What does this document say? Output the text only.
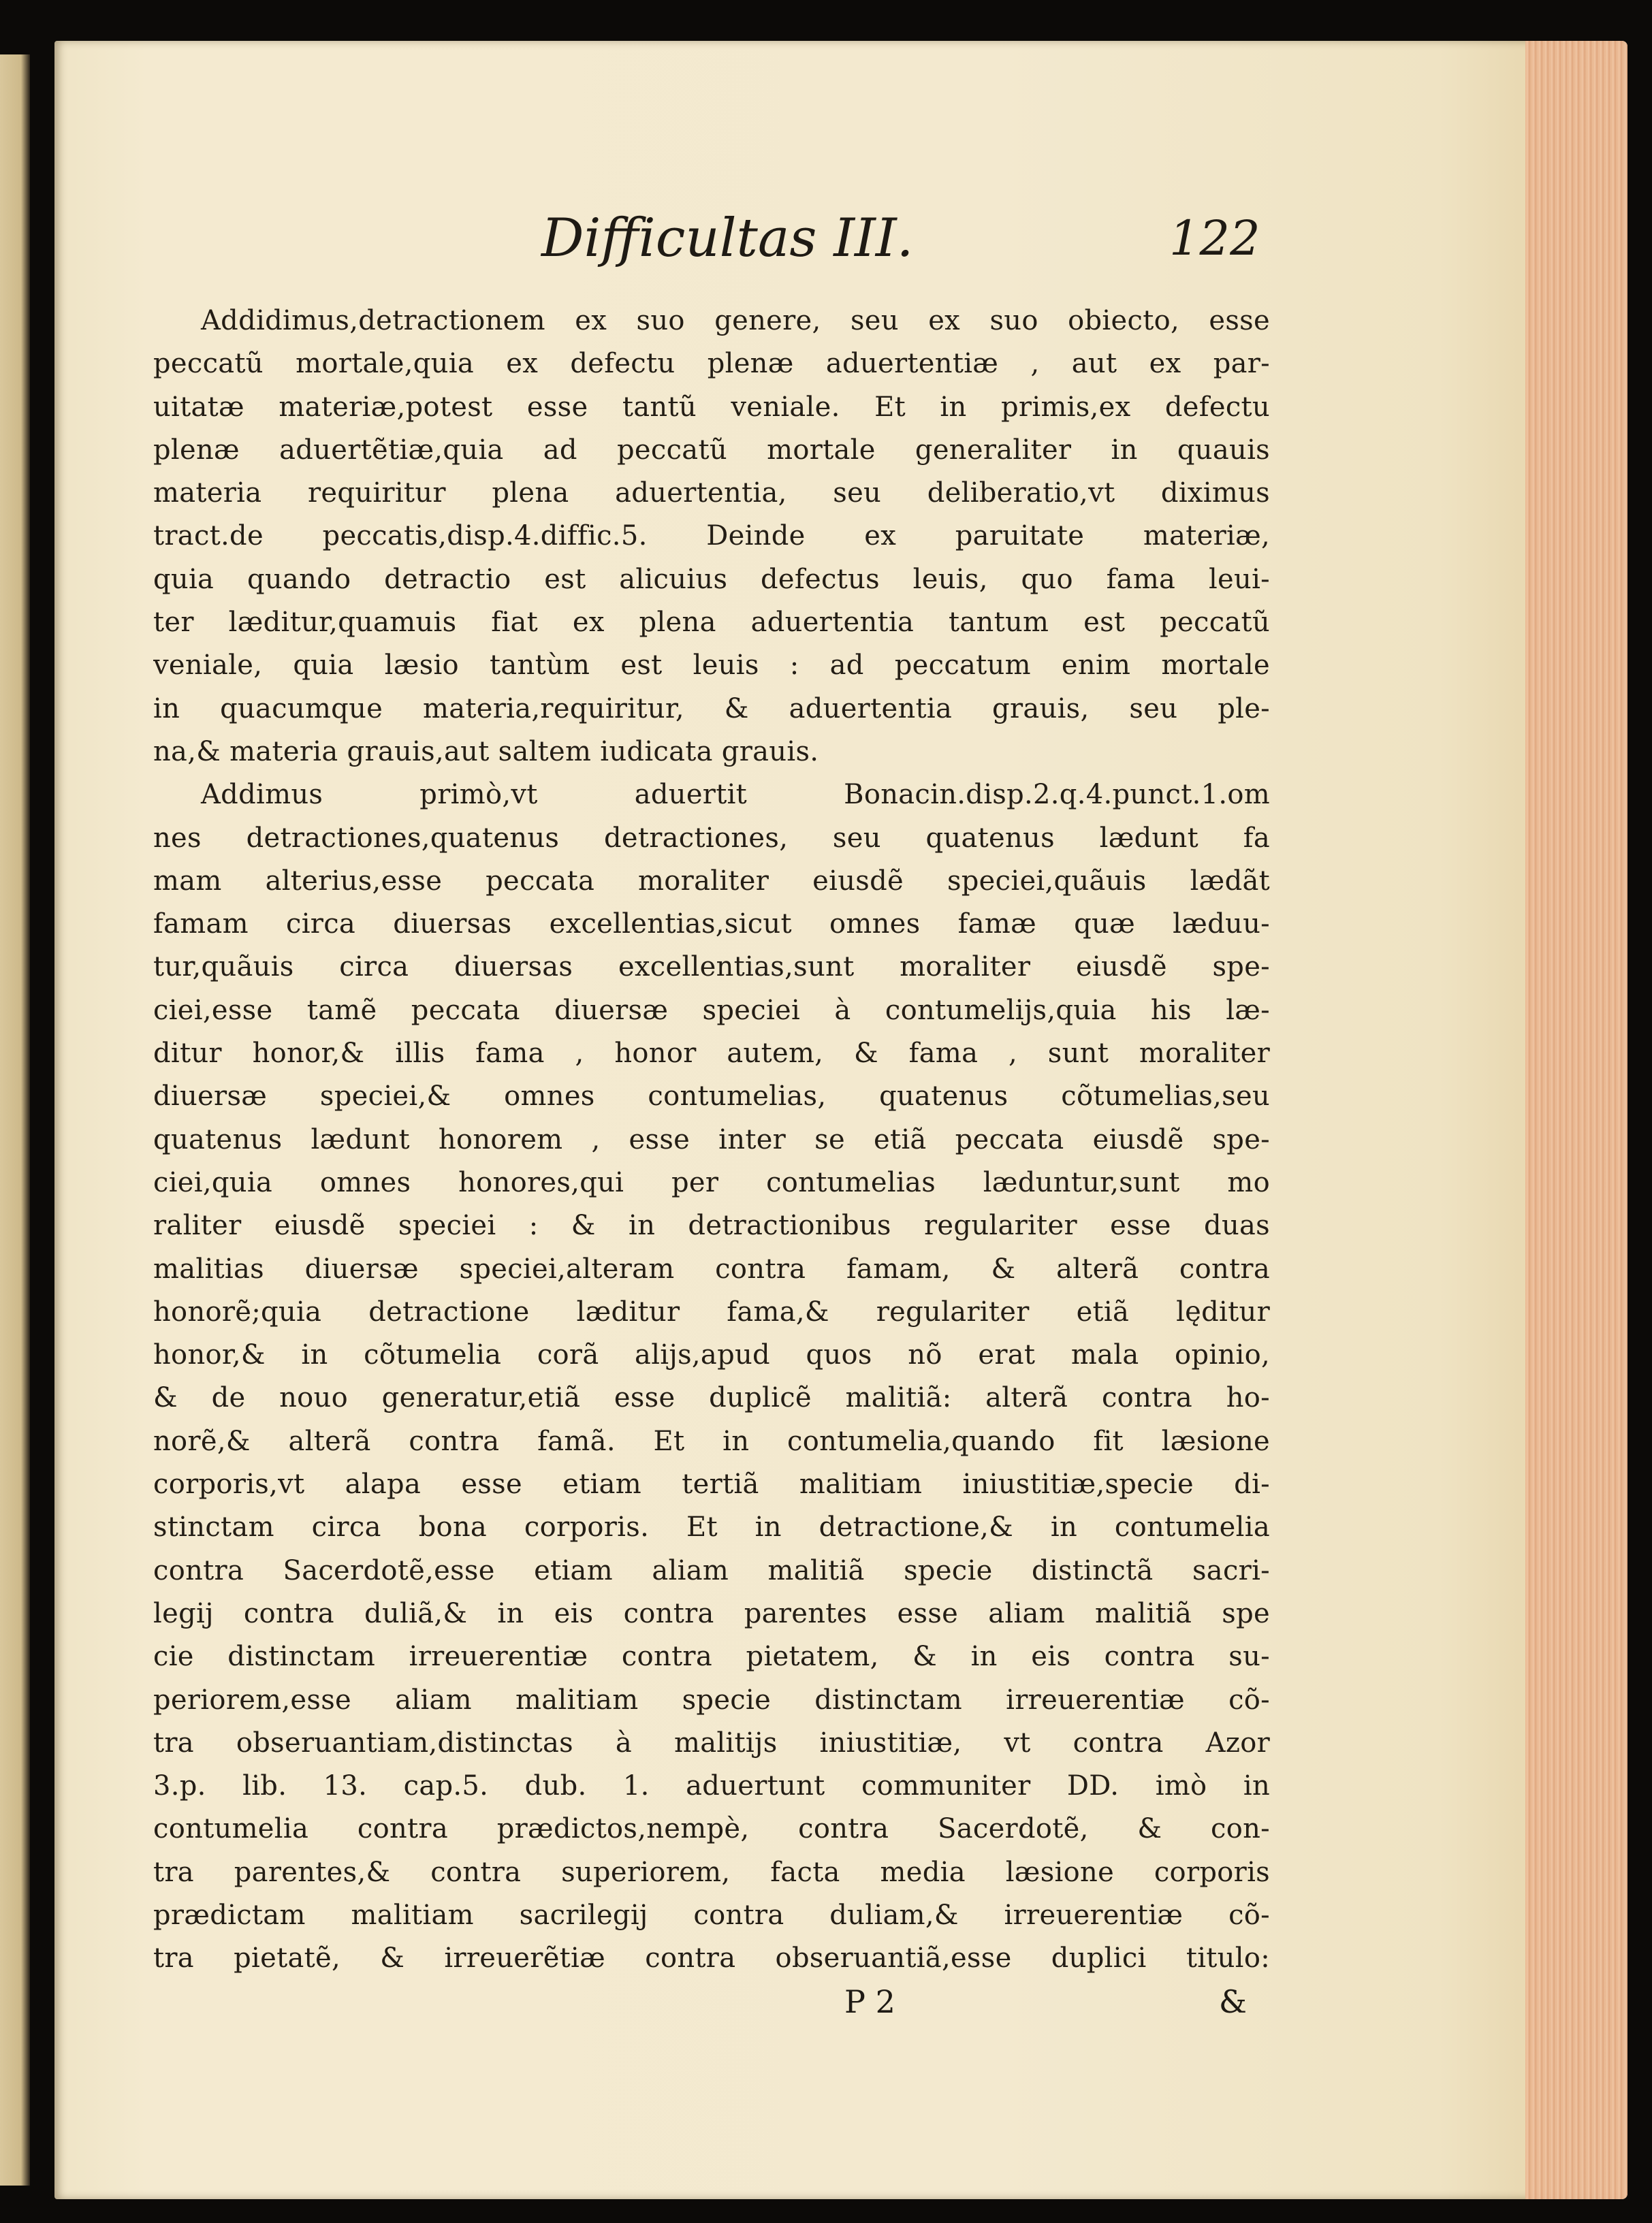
Difficultas III.	122
Addidimus,detractionem ex suo genere, seu ex suo obiecto, esse
peccatũ mortale,quia ex defectu plenæ aduertentiæ , aut ex par-
uitatæ materiæ,potest esse tantũ veniale. Et in primis,ex defectu
plenæ aduertẽtiæ,quia ad peccatũ mortale generaliter in quauis
materia requiritur plena aduertentia, seu deliberatio,vt diximus
tract.de peccatis,disp.4.diffic.5. Deinde ex paruitate materiæ,
quia quando detractio est alicuius defectus leuis, quo fama leui-
ter læditur,quamuis fiat ex plena aduertentia tantum est peccatũ
veniale, quia læsio tantùm est leuis : ad peccatum enim mortale
in quacumque materia,requiritur, & aduertentia grauis, seu ple-
na,& materia grauis,aut saltem iudicata grauis.
Addimus primò,vt aduertit Bonacin.disp.2.q.4.punct.1.om
nes detractiones,quatenus detractiones, seu quatenus lædunt fa
mam alterius,esse peccata moraliter eiusdẽ speciei,quãuis lædãt
famam circa diuersas excellentias,sicut omnes famæ quæ læduu-
tur,quãuis circa diuersas excellentias,sunt moraliter eiusdẽ spe-
ciei,esse tamẽ peccata diuersæ speciei à contumelijs,quia his læ-
ditur honor,& illis fama , honor autem, & fama , sunt moraliter
diuersæ speciei,& omnes contumelias, quatenus cõtumelias,seu
quatenus lædunt honorem , esse inter se etiã peccata eiusdẽ spe-
ciei,quia omnes honores,qui per contumelias læduntur,sunt mo
raliter eiusdẽ speciei : & in detractionibus regulariter esse duas
malitias diuersæ speciei,alteram contra famam, & alterã contra
honorẽ;quia detractione læditur fama,& regulariter etiã lęditur
honor,& in cõtumelia corã alijs,apud quos nõ erat mala opinio,
& de nouo generatur,etiã esse duplicẽ malitiã: alterã contra ho-
norẽ,& alterã contra famã. Et in contumelia,quando fit læsione
corporis,vt alapa esse etiam tertiã malitiam iniustitiæ,specie di-
stinctam circa bona corporis. Et in detractione,& in contumelia
contra Sacerdotẽ,esse etiam aliam malitiã specie distinctã sacri-
legij contra duliã,& in eis contra parentes esse aliam malitiã spe
cie distinctam irreuerentiæ contra pietatem, & in eis contra su-
periorem,esse aliam malitiam specie distinctam irreuerentiæ cõ-
tra obseruantiam,distinctas à malitijs iniustitiæ, vt contra Azor
3.p. lib. 13. cap.5. dub. 1. aduertunt communiter DD. imò in
contumelia contra prædictos,nempè, contra Sacerdotẽ, & con-
tra parentes,& contra superiorem, facta media læsione corporis
prædictam malitiam sacrilegij contra duliam,& irreuerentiæ cõ-
tra pietatẽ, & irreuerẽtiæ contra obseruantiã,esse duplici titulo:
P 2	&
